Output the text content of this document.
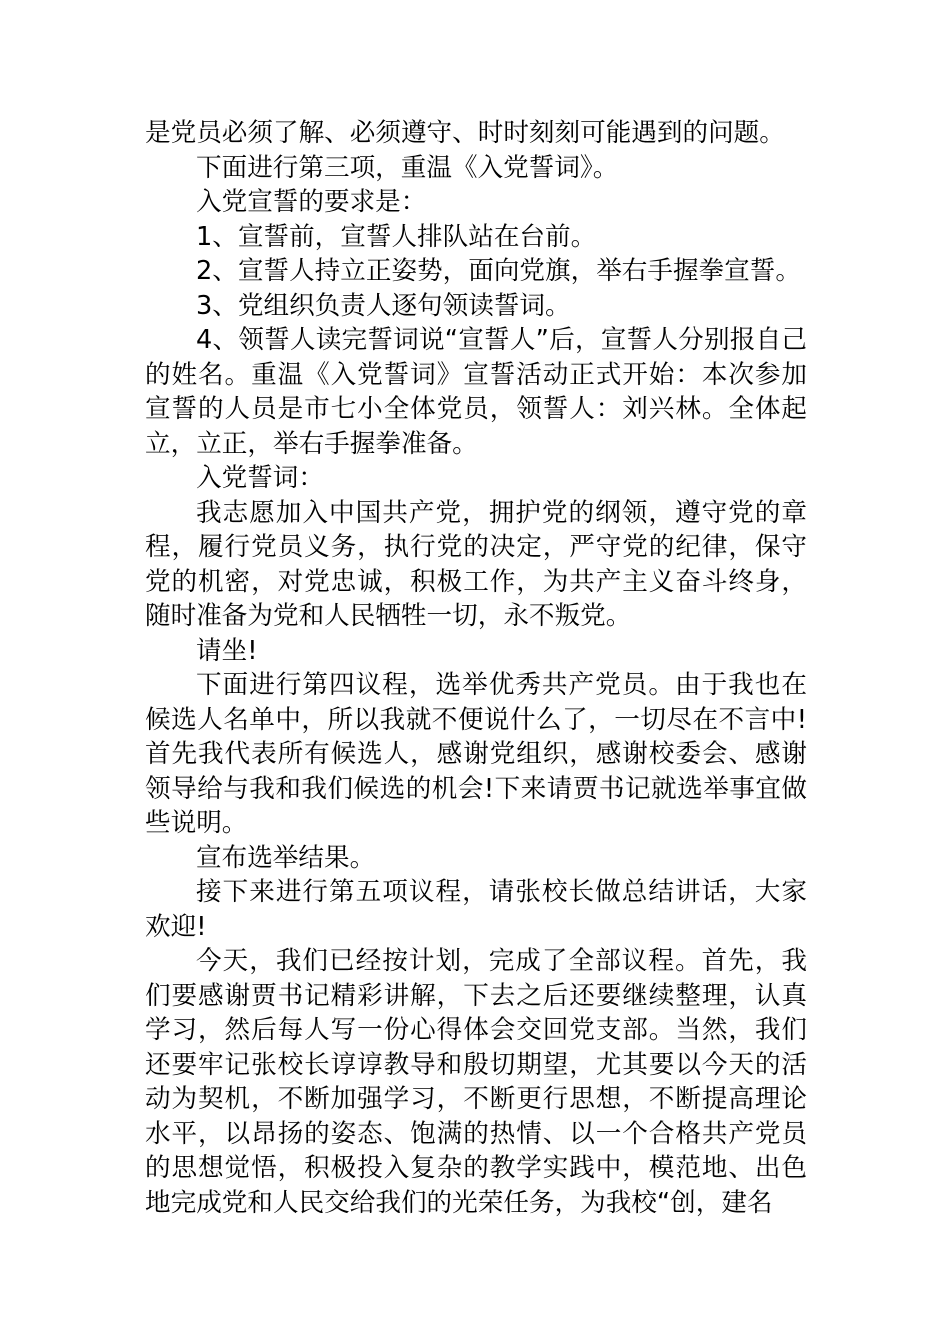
是党员必须了解、必须遵守、时时刻刻可能遇到的问题。

下面进行第三项，重温《入党誓词》。

入党宣誓的要求是：

1、宣誓前，宣誓人排队站在台前。

2、宣誓人持立正姿势，面向党旗，举右手握拳宣誓。

3、党组织负责人逐句领读誓词。

4、领誓人读完誓词说“宣誓人”后，宣誓人分别报自己的姓名。重温《入党誓词》宣誓活动正式开始：本次参加宣誓的人员是市七小全体党员，领誓人：刘兴林。全体起立，立正，举右手握拳准备。

入党誓词：

我志愿加入中国共产党，拥护党的纲领，遵守党的章程，履行党员义务，执行党的决定，严守党的纪律，保守党的机密，对党忠诚，积极工作，为共产主义奋斗终身，随时准备为党和人民牺牲一切，永不叛党。

请坐!

下面进行第四议程，选举优秀共产党员。由于我也在候选人名单中，所以我就不便说什么了，一切尽在不言中!首先我代表所有候选人，感谢党组织，感谢校委会、感谢领导给与我和我们候选的机会!下来请贾书记就选举事宜做些说明。

宣布选举结果。

接下来进行第五项议程，请张校长做总结讲话，大家欢迎!

今天，我们已经按计划，完成了全部议程。首先，我们要感谢贾书记精彩讲解，下去之后还要继续整理，认真学习，然后每人写一份心得体会交回党支部。当然，我们还要牢记张校长谆谆教导和殷切期望，尤其要以今天的活动为契机，不断加强学习，不断更行思想，不断提高理论水平，以昂扬的姿态、饱满的热情、以一个合格共产党员的思想觉悟，积极投入复杂的教学实践中，模范地、出色地完成党和人民交给我们的光荣任务，为我校“创，建名
